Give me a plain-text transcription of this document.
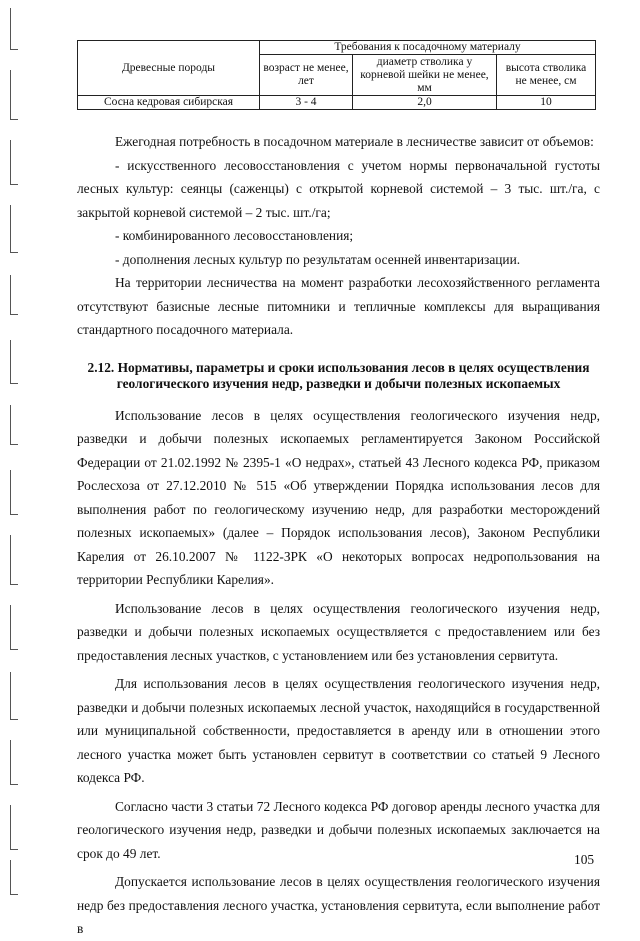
Древесные породы	Требования к посадочному материалу		
	возраст не менее, лет	диаметр стволика у корневой шейки не менее, мм	высота стволика не менее, см
Сосна кедровая сибирская	3 - 4	2,0	10

Ежегодная потребность в посадочном материале в лесничестве зависит от объемов:

- искусственного лесовосстановления с учетом нормы первоначальной густоты лесных культур: сеянцы (саженцы) с открытой корневой системой – 3 тыс. шт./га, с закрытой корневой системой – 2 тыс. шт./га;

- комбинированного лесовосстановления;

- дополнения лесных культур по результатам осенней инвентаризации.

На территории лесничества на момент разработки лесохозяйственного регламента отсутствуют базисные лесные питомники и тепличные комплексы для выращивания стандартного посадочного материала.

2.12. Нормативы, параметры и сроки использования лесов в целях осуществления геологического изучения недр, разведки и добычи полезных ископаемых

Использование лесов в целях осуществления геологического изучения недр, разведки и добычи полезных ископаемых регламентируется Законом Российской Федерации от 21.02.1992 № 2395-1 «О недрах», статьей 43 Лесного кодекса РФ, приказом Рослесхоза от 27.12.2010 № 515 «Об утверждении Порядка использования лесов для выполнения работ по геологическому изучению недр, для разработки месторождений полезных ископаемых» (далее – Порядок использования лесов), Законом Республики Карелия от 26.10.2007 № 1122-ЗРК «О некоторых вопросах недропользования на территории Республики Карелия».

Использование лесов в целях осуществления геологического изучения недр, разведки и добычи полезных ископаемых осуществляется с предоставлением или без предоставления лесных участков, с установлением или без установления сервитута.

Для использования лесов в целях осуществления геологического изучения недр, разведки и добычи полезных ископаемых лесной участок, находящийся в государственной или муниципальной собственности, предоставляется в аренду или в отношении этого лесного участка может быть установлен сервитут в соответствии со статьей 9 Лесного кодекса РФ.

Согласно части 3 статьи 72 Лесного кодекса РФ договор аренды лесного участка для геологического изучения недр, разведки и добычи полезных ископаемых заключается на срок до 49 лет.

Допускается использование лесов в целях осуществления геологического изучения недр без предоставления лесного участка, установления сервитута, если выполнение работ в

105
